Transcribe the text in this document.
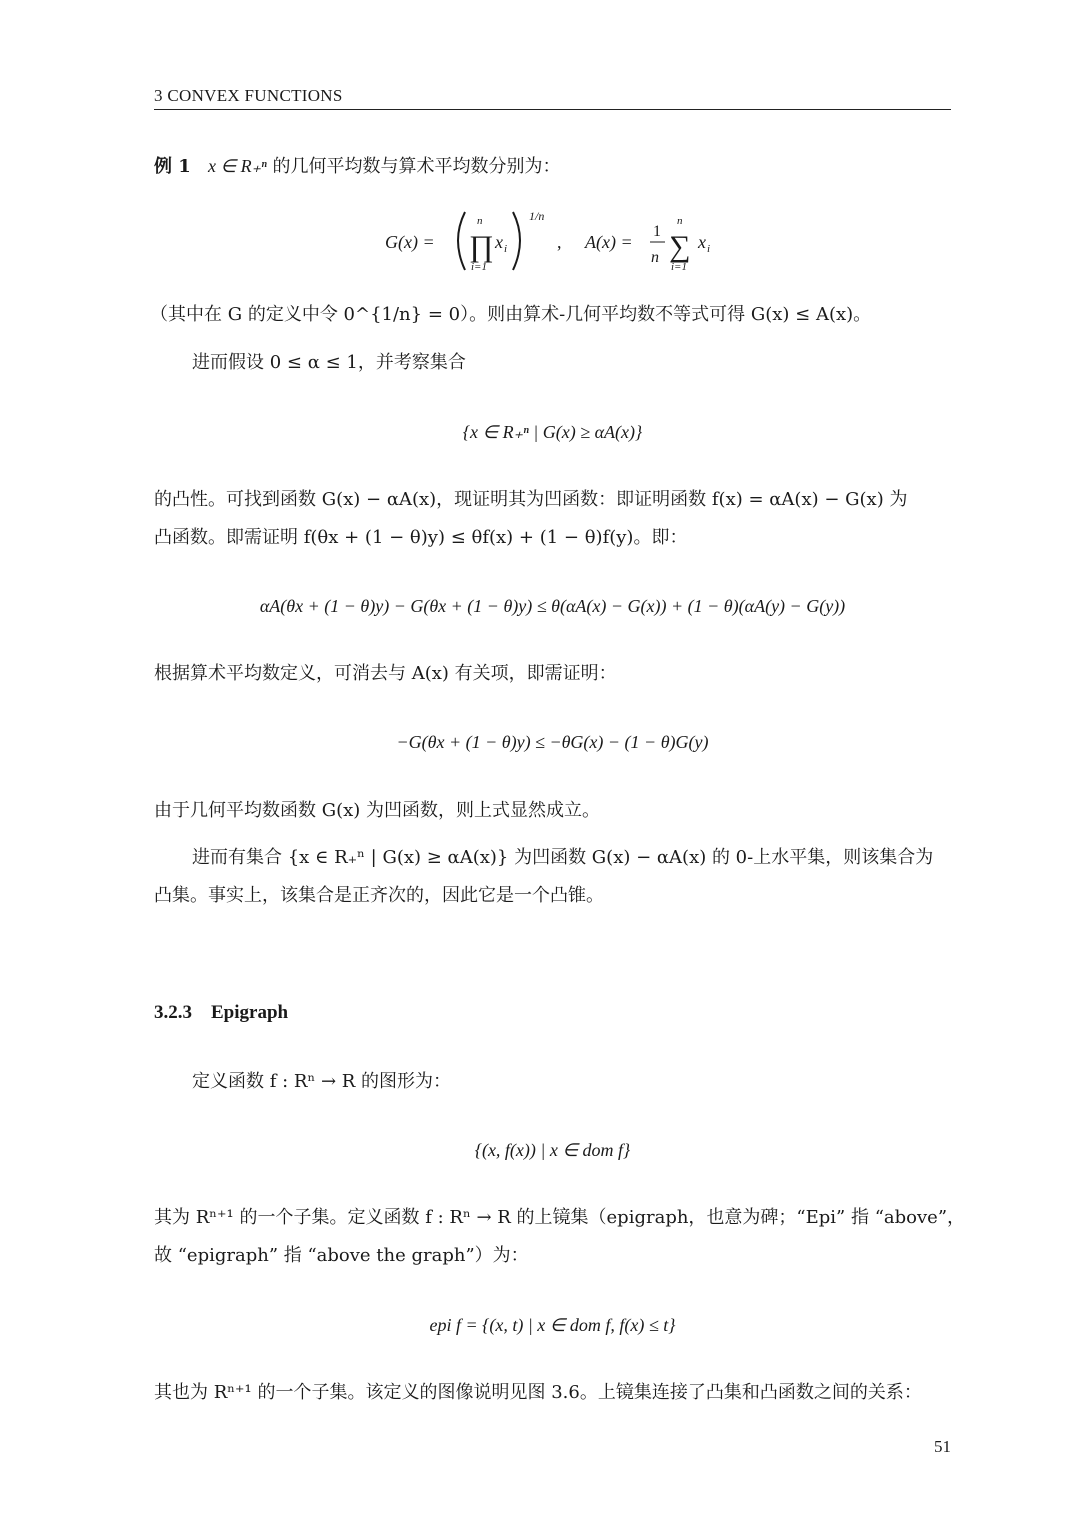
3 CONVEX FUNCTIONS
例 1 x ∈ R₊ⁿ 的几何平均数与算术平均数分别为：
G(x) =
n
∏
i=1
x i
1/n
, A(x) =
1
n
n
∑
i=1
x i
（其中在 G 的定义中令 0^{1/n} = 0）。则由算术-几何平均数不等式可得 G(x) ≤ A(x)。
进而假设 0 ≤ α ≤ 1，并考察集合
{x ∈ R₊ⁿ | G(x) ≥ αA(x)}
的凸性。可找到函数 G(x) − αA(x)，现证明其为凹函数：即证明函数 f(x) = αA(x) − G(x) 为
凸函数。即需证明 f(θx + (1 − θ)y) ≤ θf(x) + (1 − θ)f(y)。即：
αA(θx + (1 − θ)y) − G(θx + (1 − θ)y) ≤ θ(αA(x) − G(x)) + (1 − θ)(αA(y) − G(y))
根据算术平均数定义，可消去与 A(x) 有关项，即需证明：
−G(θx + (1 − θ)y) ≤ −θG(x) − (1 − θ)G(y)
由于几何平均数函数 G(x) 为凹函数，则上式显然成立。
进而有集合 {x ∈ R₊ⁿ | G(x) ≥ αA(x)} 为凹函数 G(x) − αA(x) 的 0-上水平集，则该集合为
凸集。事实上，该集合是正齐次的，因此它是一个凸锥。
3.2.3 Epigraph
定义函数 f : Rⁿ → R 的图形为：
{(x, f(x)) | x ∈ dom f}
其为 Rⁿ⁺¹ 的一个子集。定义函数 f : Rⁿ → R 的上镜集（epigraph，也意为碑；“Epi” 指 “above”，
故 “epigraph” 指 “above the graph”）为：
epi f = {(x, t) | x ∈ dom f, f(x) ≤ t}
其也为 Rⁿ⁺¹ 的一个子集。该定义的图像说明见图 3.6。上镜集连接了凸集和凸函数之间的关系：
51
